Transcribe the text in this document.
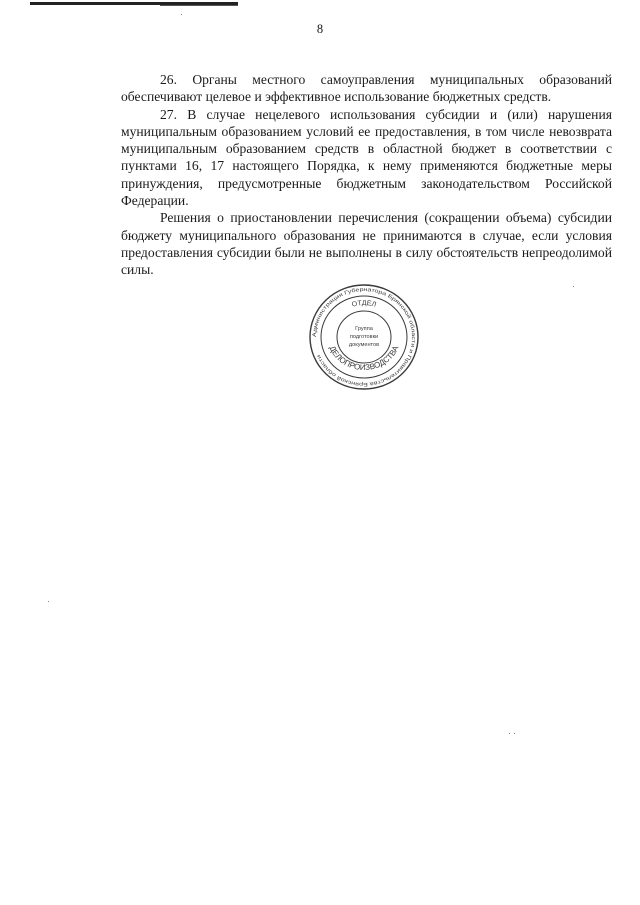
8

26. Органы местного самоуправления муниципальных образований обеспечивают целевое и эффективное использование бюджетных средств.

27. В случае нецелевого использования субсидии и (или) нарушения муниципальным образованием условий ее предоставления, в том числе невозврата муниципальным образованием средств в областной бюджет в соответствии с пунктами 16, 17 настоящего Порядка, к нему применяются бюджетные меры принуждения, предусмотренные бюджетным законодательством Российской Федерации.

Решения о приостановлении перечисления (сокращении объема) субсидии бюджету муниципального образования не принимаются в случае, если условия предоставления субсидии были не выполнены в силу обстоятельств непреодолимой силы.

Администрация Губернатора Брянской области и Правительства Брянской области
ОТДЕЛ
ДЕЛОПРОИЗВОДСТВА
Группа
подготовки
документов
